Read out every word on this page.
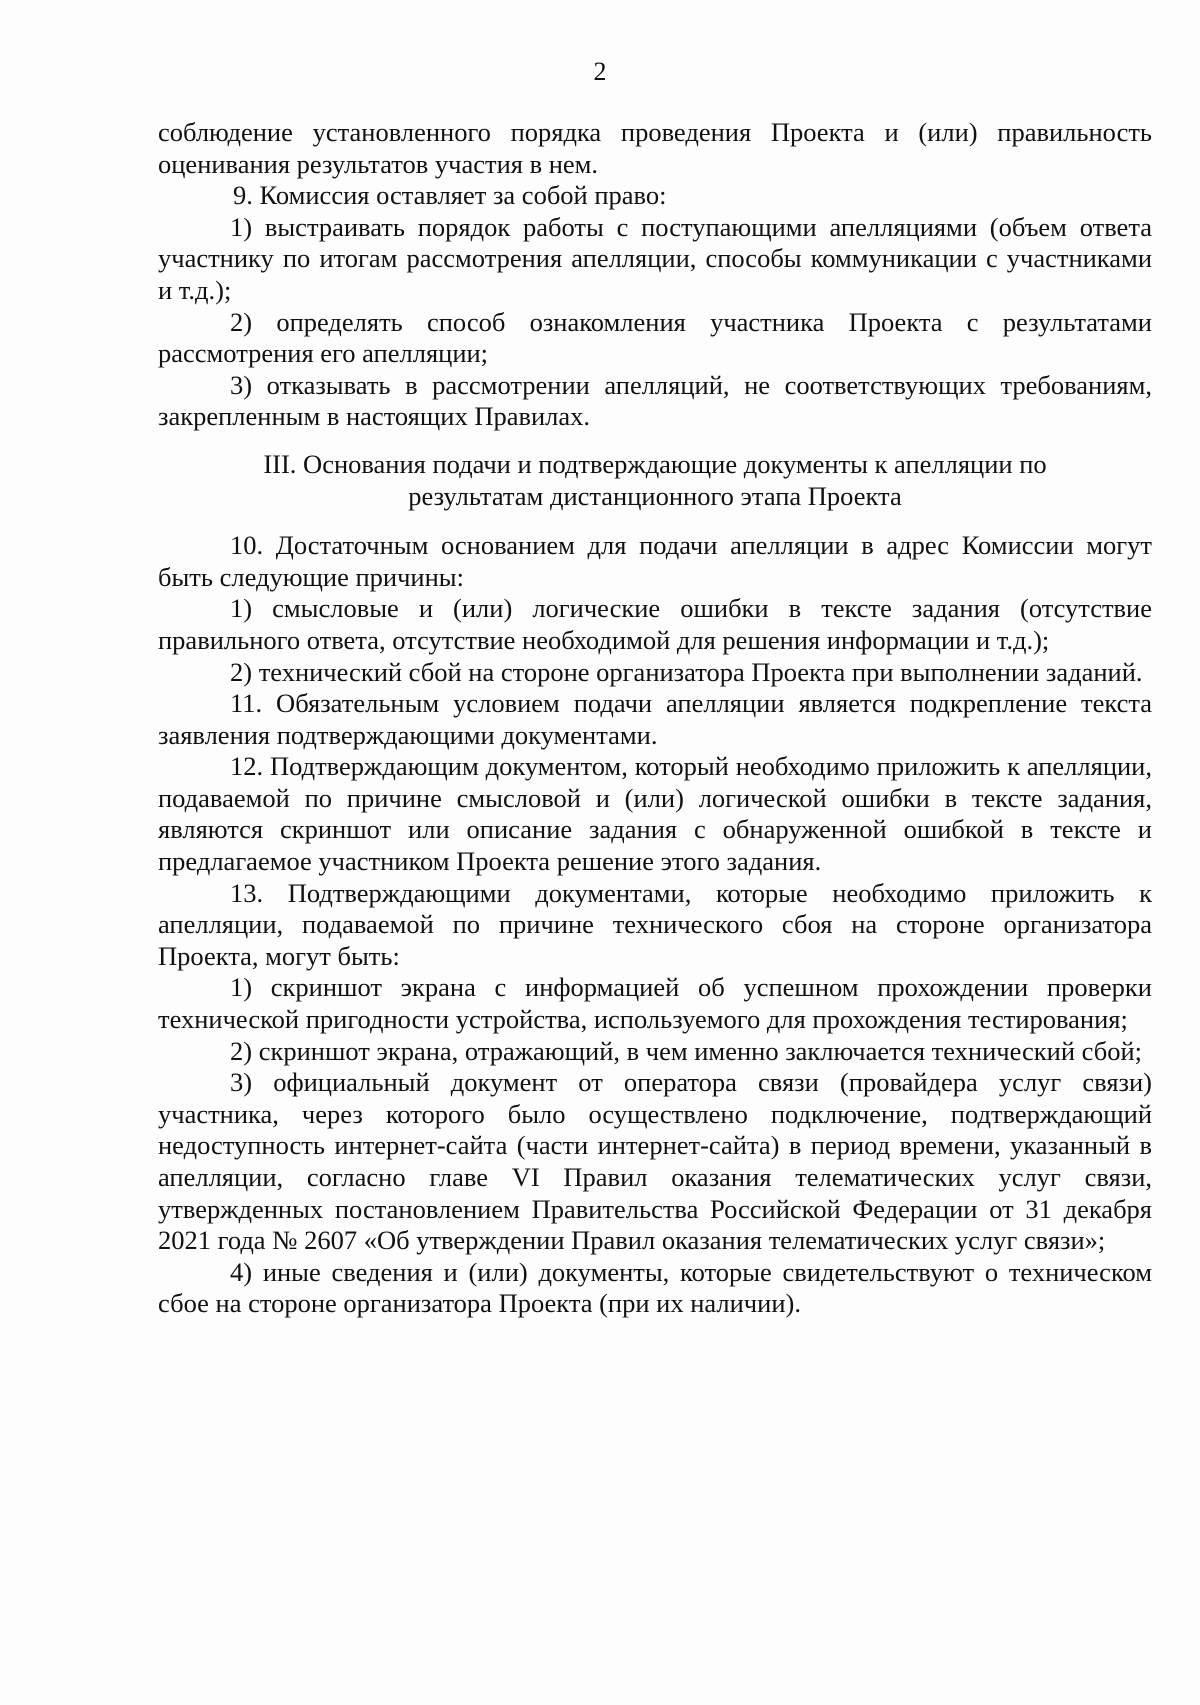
2

соблюдение установленного порядка проведения Проекта и (или) правильность оценивания результатов участия в нем.

9. Комиссия оставляет за собой право:

1) выстраивать порядок работы с поступающими апелляциями (объем ответа участнику по итогам рассмотрения апелляции, способы коммуникации с участниками и т.д.);

2) определять способ ознакомления участника Проекта с результатами рассмотрения его апелляции;

3) отказывать в рассмотрении апелляций, не соответствующих требованиям, закрепленным в настоящих Правилах.

III. Основания подачи и подтверждающие документы к апелляции по
результатам дистанционного этапа Проекта

10. Достаточным основанием для подачи апелляции в адрес Комиссии могут быть следующие причины:

1) смысловые и (или) логические ошибки в тексте задания (отсутствие правильного ответа, отсутствие необходимой для решения информации и т.д.);

2) технический сбой на стороне организатора Проекта при выполнении заданий.

11. Обязательным условием подачи апелляции является подкрепление текста заявления подтверждающими документами.

12. Подтверждающим документом, который необходимо приложить к апелляции, подаваемой по причине смысловой и (или) логической ошибки в тексте задания, являются скриншот или описание задания с обнаруженной ошибкой в тексте и предлагаемое участником Проекта решение этого задания.

13. Подтверждающими документами, которые необходимо приложить к апелляции, подаваемой по причине технического сбоя на стороне организатора Проекта, могут быть:

1) скриншот экрана с информацией об успешном прохождении проверки технической пригодности устройства, используемого для прохождения тестирования;

2) скриншот экрана, отражающий, в чем именно заключается технический сбой;

3) официальный документ от оператора связи (провайдера услуг связи) участника, через которого было осуществлено подключение, подтверждающий недоступность интернет-сайта (части интернет-сайта) в период времени, указанный в апелляции, согласно главе VI Правил оказания телематических услуг связи, утвержденных постановлением Правительства Российской Федерации от 31 декабря 2021 года № 2607 «Об утверждении Правил оказания телематических услуг связи»;

4) иные сведения и (или) документы, которые свидетельствуют о техническом сбое на стороне организатора Проекта (при их наличии).
